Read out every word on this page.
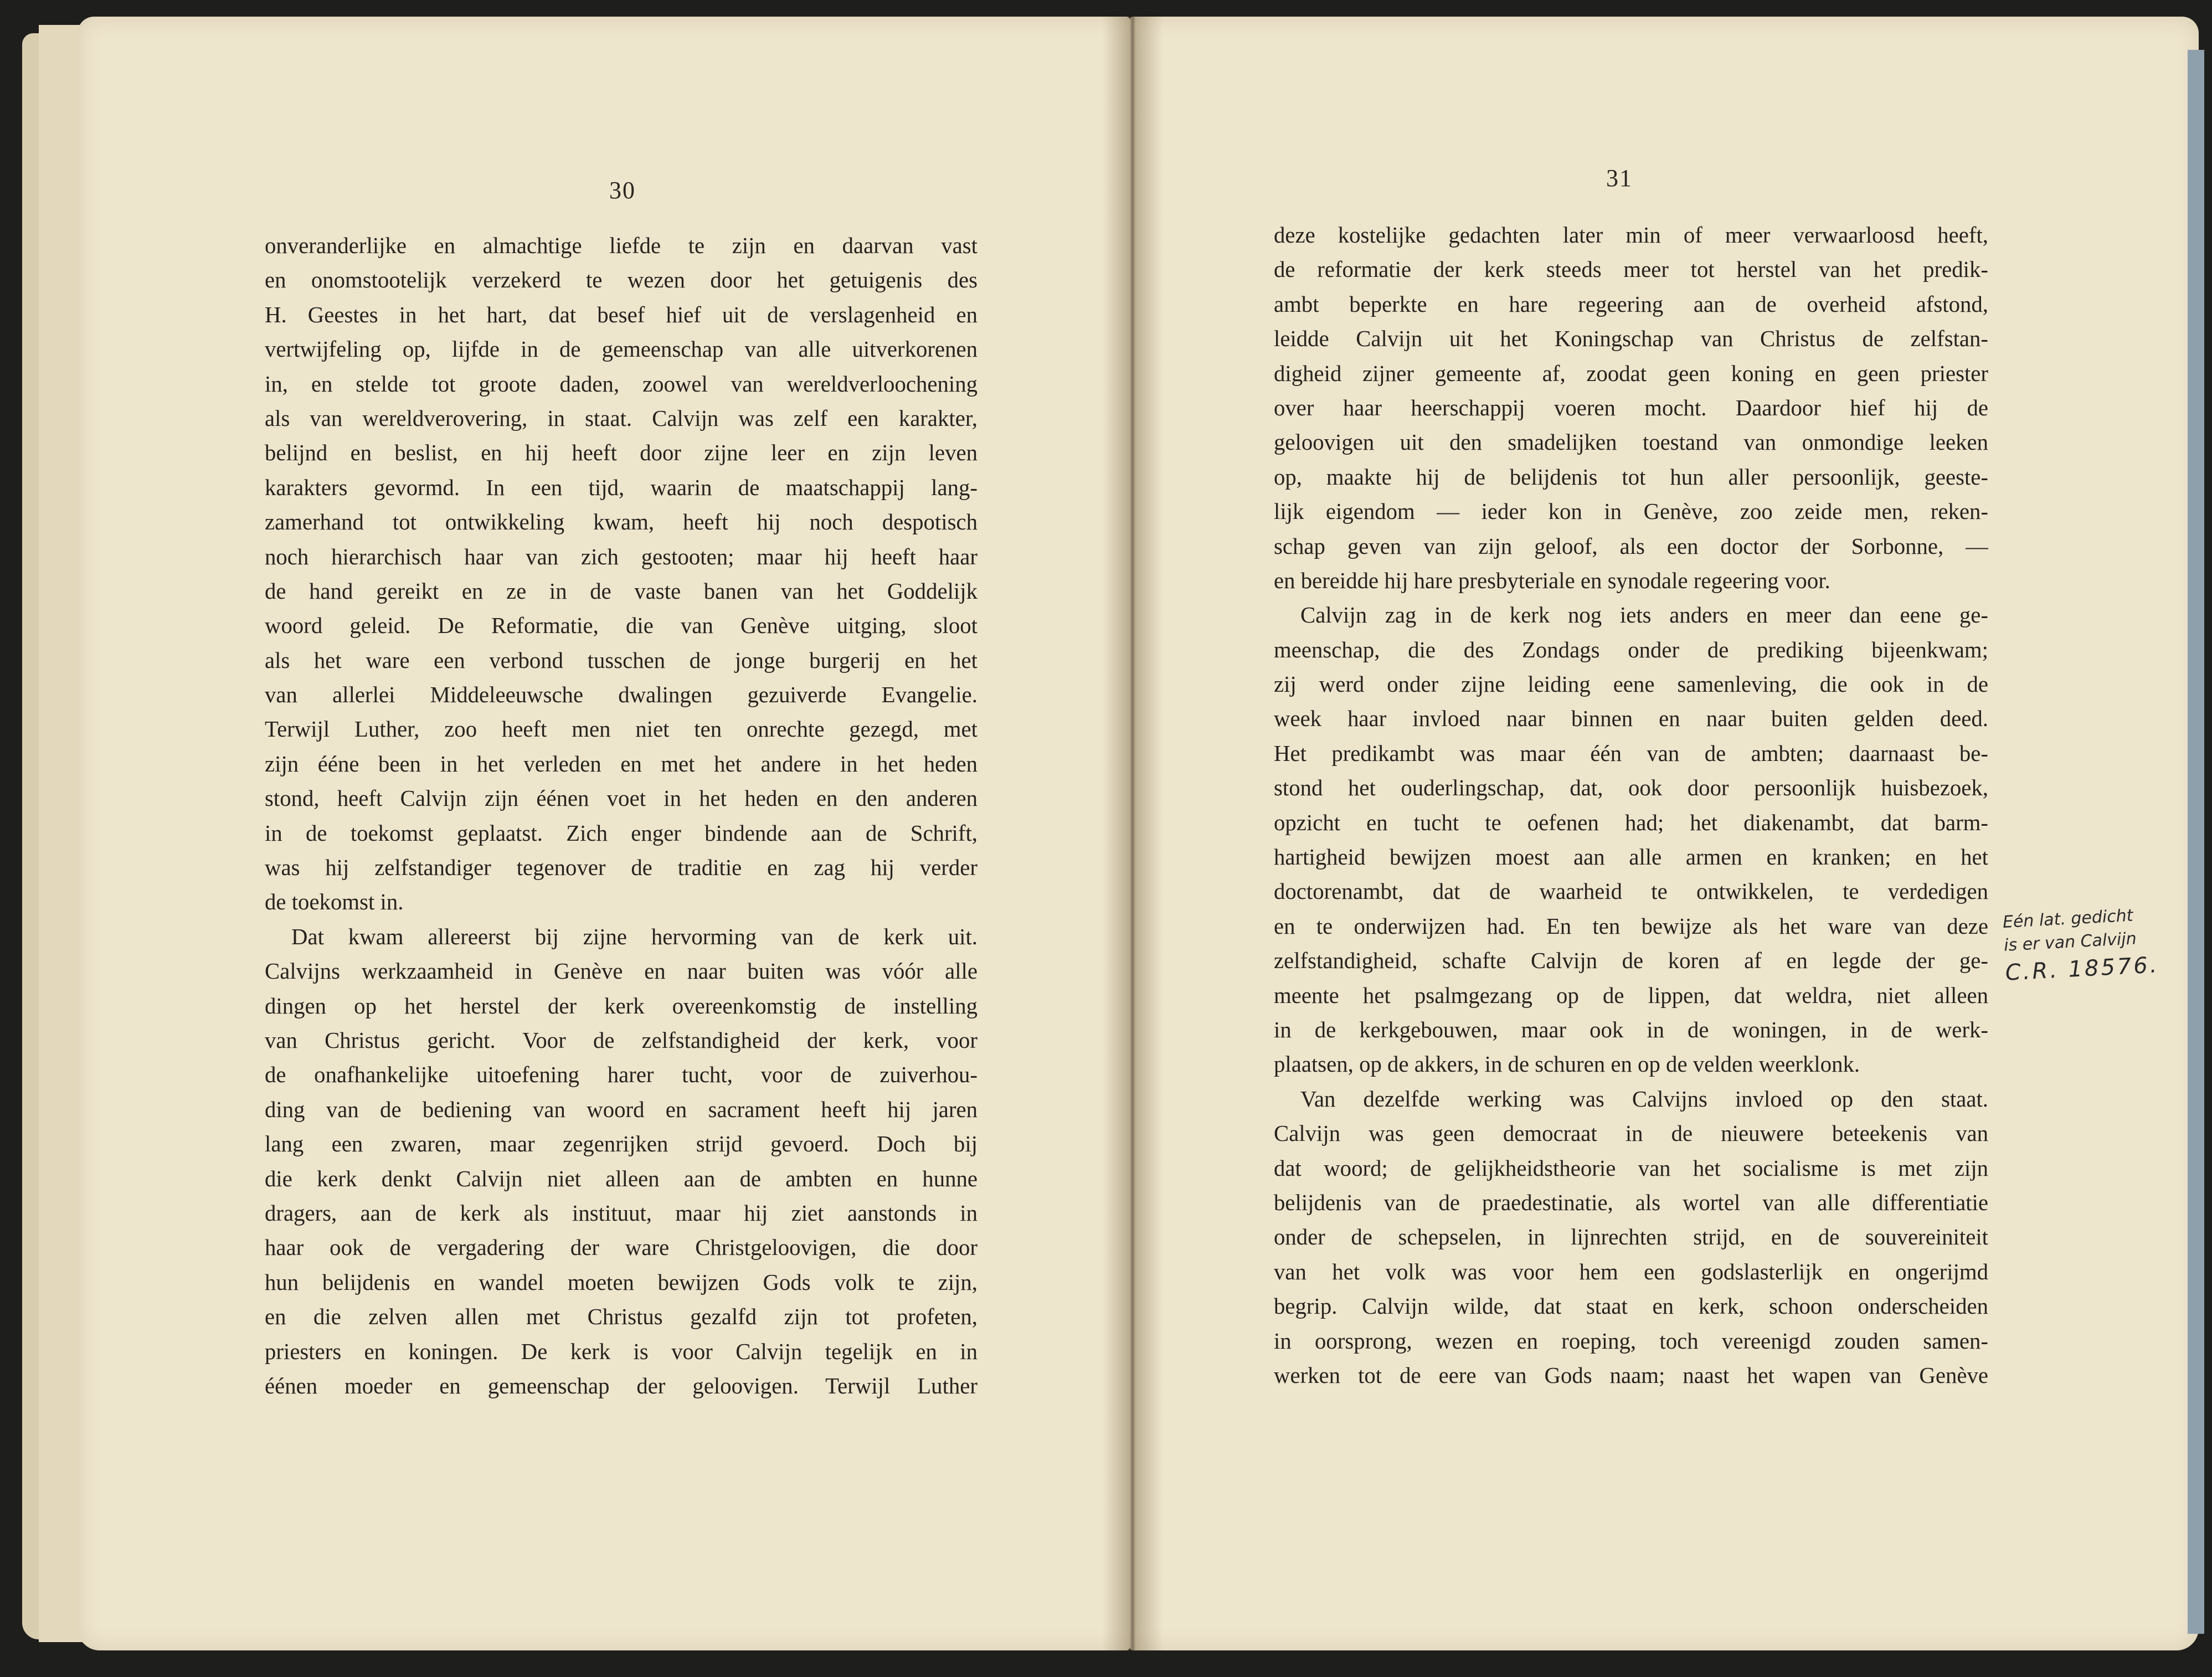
30	31
onveranderlijke en almachtige liefde te zijn en daarvan vast
en onomstootelijk verzekerd te wezen door het getuigenis des
H. Geestes in het hart, dat besef hief uit de verslagenheid en
vertwijfeling op, lijfde in de gemeenschap van alle uitverkorenen
in, en stelde tot groote daden, zoowel van wereldverloochening
als van wereldverovering, in staat. Calvijn was zelf een karakter,
belijnd en beslist, en hij heeft door zijne leer en zijn leven
karakters gevormd. In een tijd, waarin de maatschappij lang-
zamerhand tot ontwikkeling kwam, heeft hij noch despotisch
noch hierarchisch haar van zich gestooten; maar hij heeft haar
de hand gereikt en ze in de vaste banen van het Goddelijk
woord geleid. De Reformatie, die van Genève uitging, sloot
als het ware een verbond tusschen de jonge burgerij en het
van allerlei Middeleeuwsche dwalingen gezuiverde Evangelie.
Terwijl Luther, zoo heeft men niet ten onrechte gezegd, met
zijn ééne been in het verleden en met het andere in het heden
stond, heeft Calvijn zijn éénen voet in het heden en den anderen
in de toekomst geplaatst. Zich enger bindende aan de Schrift,
was hij zelfstandiger tegenover de traditie en zag hij verder
de toekomst in.
Dat kwam allereerst bij zijne hervorming van de kerk uit.
Calvijns werkzaamheid in Genève en naar buiten was vóór alle
dingen op het herstel der kerk overeenkomstig de instelling
van Christus gericht. Voor de zelfstandigheid der kerk, voor
de onafhankelijke uitoefening harer tucht, voor de zuiverhou-
ding van de bediening van woord en sacrament heeft hij jaren
lang een zwaren, maar zegenrijken strijd gevoerd. Doch bij
die kerk denkt Calvijn niet alleen aan de ambten en hunne
dragers, aan de kerk als instituut, maar hij ziet aanstonds in
haar ook de vergadering der ware Christgeloovigen, die door
hun belijdenis en wandel moeten bewijzen Gods volk te zijn,
en die zelven allen met Christus gezalfd zijn tot profeten,
priesters en koningen. De kerk is voor Calvijn tegelijk en in
éénen moeder en gemeenschap der geloovigen. Terwijl Luther
deze kostelijke gedachten later min of meer verwaarloosd heeft,
de reformatie der kerk steeds meer tot herstel van het predik-
ambt beperkte en hare regeering aan de overheid afstond,
leidde Calvijn uit het Koningschap van Christus de zelfstan-
digheid zijner gemeente af, zoodat geen koning en geen priester
over haar heerschappij voeren mocht. Daardoor hief hij de
geloovigen uit den smadelijken toestand van onmondige leeken
op, maakte hij de belijdenis tot hun aller persoonlijk, geeste-
lijk eigendom — ieder kon in Genève, zoo zeide men, reken-
schap geven van zijn geloof, als een doctor der Sorbonne, —
en bereidde hij hare presbyteriale en synodale regeering voor.
Calvijn zag in de kerk nog iets anders en meer dan eene ge-
meenschap, die des Zondags onder de prediking bijeenkwam;
zij werd onder zijne leiding eene samenleving, die ook in de
week haar invloed naar binnen en naar buiten gelden deed.
Het predikambt was maar één van de ambten; daarnaast be-
stond het ouderlingschap, dat, ook door persoonlijk huisbezoek,
opzicht en tucht te oefenen had; het diakenambt, dat barm-
hartigheid bewijzen moest aan alle armen en kranken; en het
doctorenambt, dat de waarheid te ontwikkelen, te verdedigen
en te onderwijzen had. En ten bewijze als het ware van deze
zelfstandigheid, schafte Calvijn de koren af en legde der ge-
meente het psalmgezang op de lippen, dat weldra, niet alleen
in de kerkgebouwen, maar ook in de woningen, in de werk-
plaatsen, op de akkers, in de schuren en op de velden weerklonk.
Van dezelfde werking was Calvijns invloed op den staat.
Calvijn was geen democraat in de nieuwere beteekenis van
dat woord; de gelijkheidstheorie van het socialisme is met zijn
belijdenis van de praedestinatie, als wortel van alle differentiatie
onder de schepselen, in lijnrechten strijd, en de souvereiniteit
van het volk was voor hem een godslasterlijk en ongerijmd
begrip. Calvijn wilde, dat staat en kerk, schoon onderscheiden
in oorsprong, wezen en roeping, toch vereenigd zouden samen-
werken tot de eere van Gods naam; naast het wapen van Genève
Eén lat. gedicht
is er van Calvijn
C.R. 18576.
